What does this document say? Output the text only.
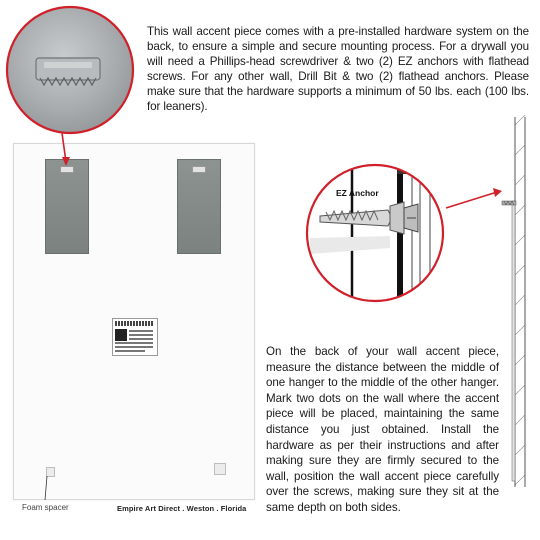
This wall accent piece comes with a pre-installed hardware system on the back, to ensure a simple and secure mounting process. For a drywall you will need a Phillips-head screwdriver & two (2) EZ anchors with flathead screws. For any other wall, Drill Bit & two (2) flathead anchors. Please make sure that the hardware supports a minimum of 50 lbs. each (100 lbs. for leaners).
Foam spacer	Empire Art Direct . Weston . Florida
EZ Anchor
On the back of your wall accent piece, measure the distance between the middle of one hanger to the middle of the other hanger. Mark two dots on the wall where the accent piece will be placed, maintaining the same distance you just obtained. Install the hardware as per their instructions and after making sure they are firmly secured to the wall, position the wall accent piece carefully over the screws, making sure they sit at the same depth on both sides.
